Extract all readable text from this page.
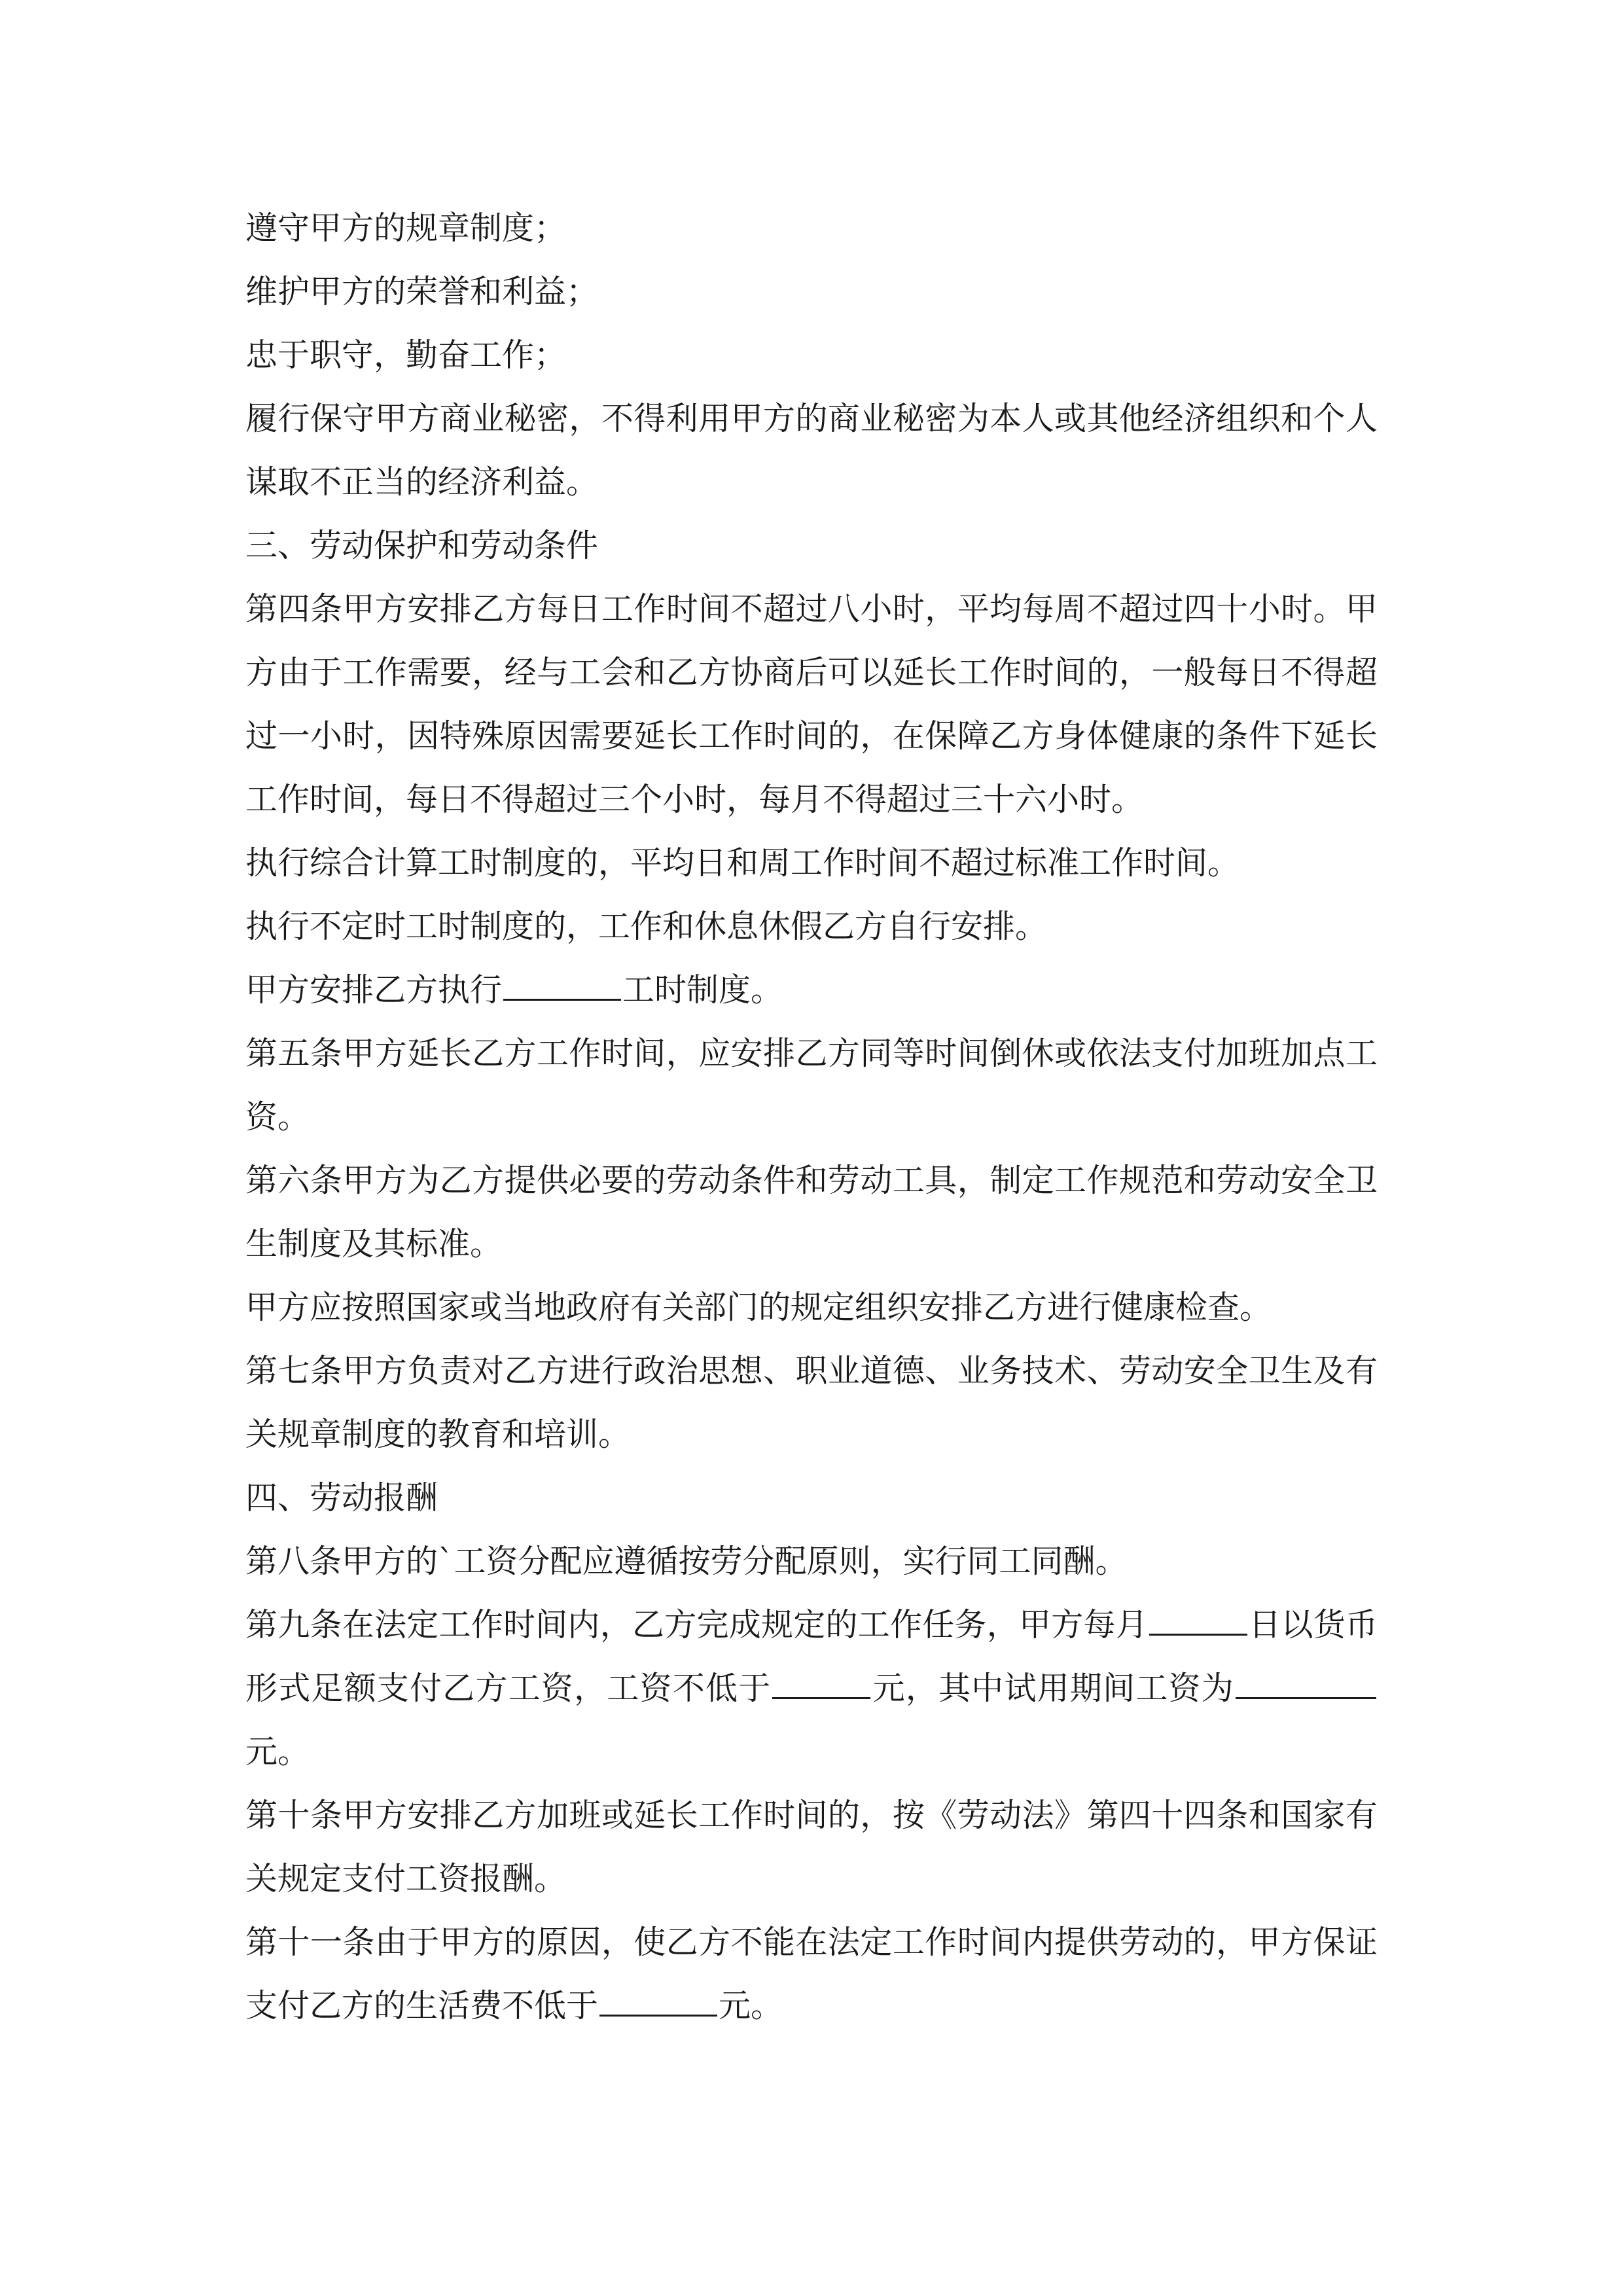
遵守甲方的规章制度；
维护甲方的荣誉和利益；
忠于职守，勤奋工作；
履行保守甲方商业秘密，不得利用甲方的商业秘密为本人或其他经济组织和个人
谋取不正当的经济利益。
三、劳动保护和劳动条件
第四条甲方安排乙方每日工作时间不超过八小时，平均每周不超过四十小时。甲
方由于工作需要，经与工会和乙方协商后可以延长工作时间的，一般每日不得超
过一小时，因特殊原因需要延长工作时间的，在保障乙方身体健康的条件下延长
工作时间，每日不得超过三个小时，每月不得超过三十六小时。
执行综合计算工时制度的，平均日和周工作时间不超过标准工作时间。
执行不定时工时制度的，工作和休息休假乙方自行安排。
甲方安排乙方执行	工时制度。
第五条甲方延长乙方工作时间，应安排乙方同等时间倒休或依法支付加班加点工
资。
第六条甲方为乙方提供必要的劳动条件和劳动工具，制定工作规范和劳动安全卫
生制度及其标准。
甲方应按照国家或当地政府有关部门的规定组织安排乙方进行健康检查。
第七条甲方负责对乙方进行政治思想、职业道德、业务技术、劳动安全卫生及有
关规章制度的教育和培训。
四、劳动报酬
第八条甲方的`工资分配应遵循按劳分配原则，实行同工同酬。
第九条在法定工作时间内，乙方完成规定的工作任务，甲方每月	日以货币
形式足额支付乙方工资，工资不低于	元，其中试用期间工资为
元。
第十条甲方安排乙方加班或延长工作时间的，按《劳动法》第四十四条和国家有
关规定支付工资报酬。
第十一条由于甲方的原因，使乙方不能在法定工作时间内提供劳动的，甲方保证
支付乙方的生活费不低于	元。
